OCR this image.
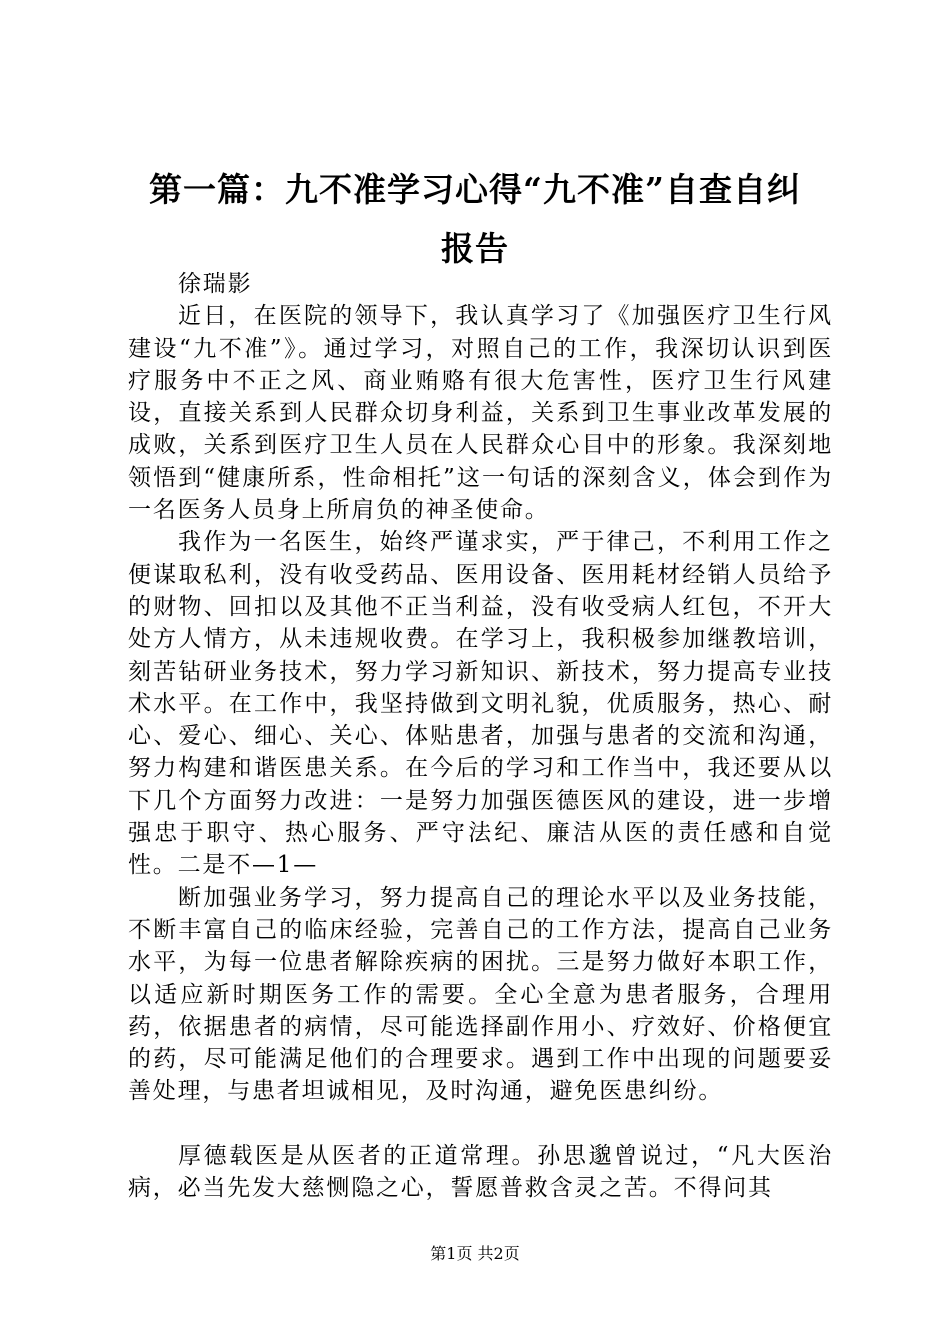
第一篇：九不准学习心得“九不准”自查自纠
报告

徐瑞影

近日，在医院的领导下，我认真学习了《加强医疗卫生行风建设“九不准”》。通过学习，对照自己的工作，我深切认识到医疗服务中不正之风、商业贿赂有很大危害性，医疗卫生行风建设，直接关系到人民群众切身利益，关系到卫生事业改革发展的成败，关系到医疗卫生人员在人民群众心目中的形象。我深刻地领悟到“健康所系，性命相托”这一句话的深刻含义，体会到作为一名医务人员身上所肩负的神圣使命。

我作为一名医生，始终严谨求实，严于律己，不利用工作之便谋取私利，没有收受药品、医用设备、医用耗材经销人员给予的财物、回扣以及其他不正当利益，没有收受病人红包，不开大处方人情方，从未违规收费。在学习上，我积极参加继教培训，刻苦钻研业务技术，努力学习新知识、新技术，努力提高专业技术水平。在工作中，我坚持做到文明礼貌，优质服务，热心、耐心、爱心、细心、关心、体贴患者，加强与患者的交流和沟通，努力构建和谐医患关系。在今后的学习和工作当中，我还要从以下几个方面努力改进：一是努力加强医德医风的建设，进一步增强忠于职守、热心服务、严守法纪、廉洁从医的责任感和自觉性。二是不—1—

断加强业务学习，努力提高自己的理论水平以及业务技能，不断丰富自己的临床经验，完善自己的工作方法，提高自己业务水平，为每一位患者解除疾病的困扰。三是努力做好本职工作，以适应新时期医务工作的需要。全心全意为患者服务，合理用药，依据患者的病情，尽可能选择副作用小、疗效好、价格便宜的药，尽可能满足他们的合理要求。遇到工作中出现的问题要妥善处理，与患者坦诚相见，及时沟通，避免医患纠纷。

厚德载医是从医者的正道常理。孙思邈曾说过，“凡大医治病，必当先发大慈恻隐之心，誓愿普救含灵之苦。不得问其

第1页 共2页
